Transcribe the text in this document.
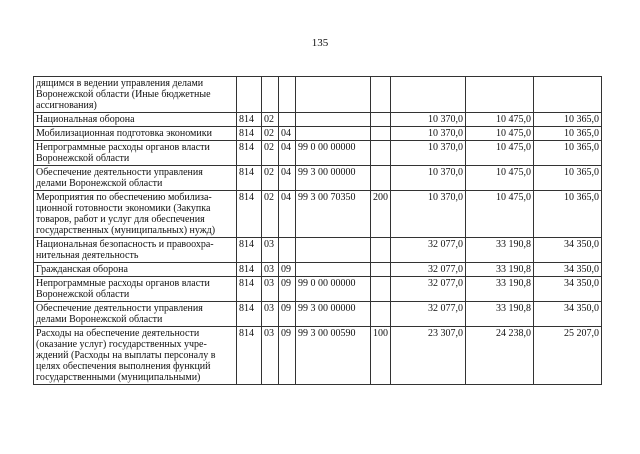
135
дящимся в ведении управления делами Воронежской области (Иные бюджетные ассигнования)								
Национальная оборона	814	02				10 370,0	10 475,0	10 365,0
Мобилизационная подготовка экономики	814	02	04			10 370,0	10 475,0	10 365,0
Непрограммные расходы органов власти Воронежской области	814	02	04	99 0 00 00000		10 370,0	10 475,0	10 365,0
Обеспечение деятельности управления делами Воронежской области	814	02	04	99 3 00 00000		10 370,0	10 475,0	10 365,0
Мероприятия по обеспечению мобилиза-ционной готовности экономики (Закупка товаров, работ и услуг для обеспечения государственных (муниципальных) нужд)	814	02	04	99 3 00 70350	200	10 370,0	10 475,0	10 365,0
Национальная безопасность и правоохра-нительная деятельность	814	03				32 077,0	33 190,8	34 350,0
Гражданская оборона	814	03	09			32 077,0	33 190,8	34 350,0
Непрограммные расходы органов власти Воронежской области	814	03	09	99 0 00 00000		32 077,0	33 190,8	34 350,0
Обеспечение деятельности управления делами Воронежской области	814	03	09	99 3 00 00000		32 077,0	33 190,8	34 350,0
Расходы на обеспечение деятельности (оказание услуг) государственных учре-ждений (Расходы на выплаты персоналу в целях обеспечения выполнения функций государственными (муниципальными)	814	03	09	99 3 00 00590	100	23 307,0	24 238,0	25 207,0
